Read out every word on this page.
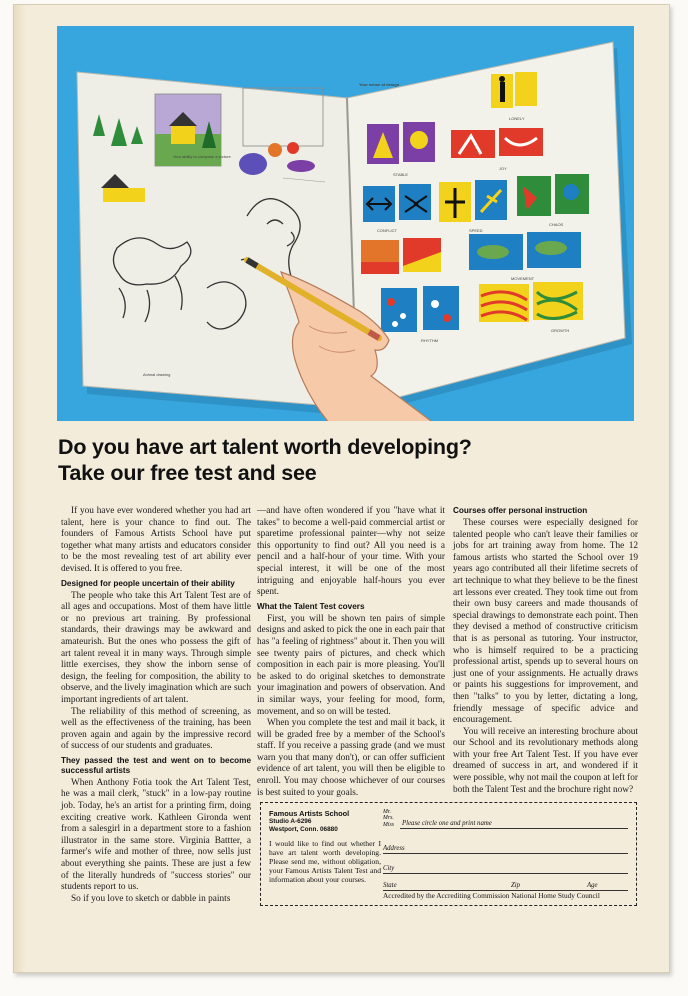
Your ability to compose a picture
Animal drawing
Your sense of design
LONELY
STABLE
JOY
CONFLICT	SPEED
CHAOS
MOVEMENT
RHYTHM
GROWTH
Do you have art talent worth developing?
Take our free test and see

If you have ever wondered whether you had art talent, here is your chance to find out. The founders of Famous Artists School have put together what many artists and educators consider to be the most revealing test of art ability ever devised. It is offered to you free.

Designed for people uncertain of their ability

The people who take this Art Talent Test are of all ages and occupations. Most of them have little or no previous art training. By professional standards, their drawings may be awkward and amateurish. But the ones who possess the gift of art talent reveal it in many ways. Through simple little exercises, they show the inborn sense of design, the feeling for composition, the ability to observe, and the lively imagination which are such important ingredients of art talent.

The reliability of this method of screening, as well as the effectiveness of the training, has been proven again and again by the impressive record of success of our students and graduates.

They passed the test and went on to become successful artists

When Anthony Fotia took the Art Talent Test, he was a mail clerk, "stuck" in a low-pay routine job. Today, he's an artist for a printing firm, doing exciting creative work. Kathleen Gironda went from a salesgirl in a department store to a fashion illustrator in the same store. Virginia Battter, a farmer's wife and mother of three, now sells just about everything she paints. These are just a few of the literally hundreds of "success stories" our students report to us.

So if you love to sketch or dabble in paints

—and have often wondered if you "have what it takes" to become a well-paid commercial artist or sparetime professional painter—why not seize this opportunity to find out? All you need is a pencil and a half-hour of your time. With your special interest, it will be one of the most intriguing and enjoyable half-hours you ever spent.

What the Talent Test covers

First, you will be shown ten pairs of simple designs and asked to pick the one in each pair that has "a feeling of rightness" about it. Then you will see twenty pairs of pictures, and check which composition in each pair is more pleasing. You'll be asked to do original sketches to demonstrate your imagination and powers of observation. And in similar ways, your feeling for mood, form, movement, and so on will be tested.

When you complete the test and mail it back, it will be graded free by a member of the School's staff. If you receive a passing grade (and we must warn you that many don't), or can offer sufficient evidence of art talent, you will then be eligible to enroll. You may choose whichever of our courses is best suited to your goals.

Courses offer personal instruction

These courses were especially designed for talented people who can't leave their families or jobs for art training away from home. The 12 famous artists who started the School over 19 years ago contributed all their lifetime secrets of art technique to what they believe to be the finest art lessons ever created. They took time out from their own busy careers and made thousands of special drawings to demonstrate each point. Then they devised a method of constructive criticism that is as personal as tutoring. Your instructor, who is himself required to be a practicing professional artist, spends up to several hours on just one of your assignments. He actually draws or paints his suggestions for improvement, and then "talks" to you by letter, dictating a long, friendly message of specific advice and encouragement.

You will receive an interesting brochure about our School and its revolutionary methods along with your free Art Talent Test. If you have ever dreamed of success in art, and wondered if it were possible, why not mail the coupon at left for both the Talent Test and the brochure right now?

Famous Artists School
Studio A-6296
Westport, Conn. 06880
I would like to find out whether I have art talent worth developing. Please send me, without obligation, your Famous Artists Talent Test and information about your courses.
Mr.
Mrs.
Miss Please circle one and print name
Address
City
State	Zip	Age
Accredited by the Accrediting Commission National Home Study Council
